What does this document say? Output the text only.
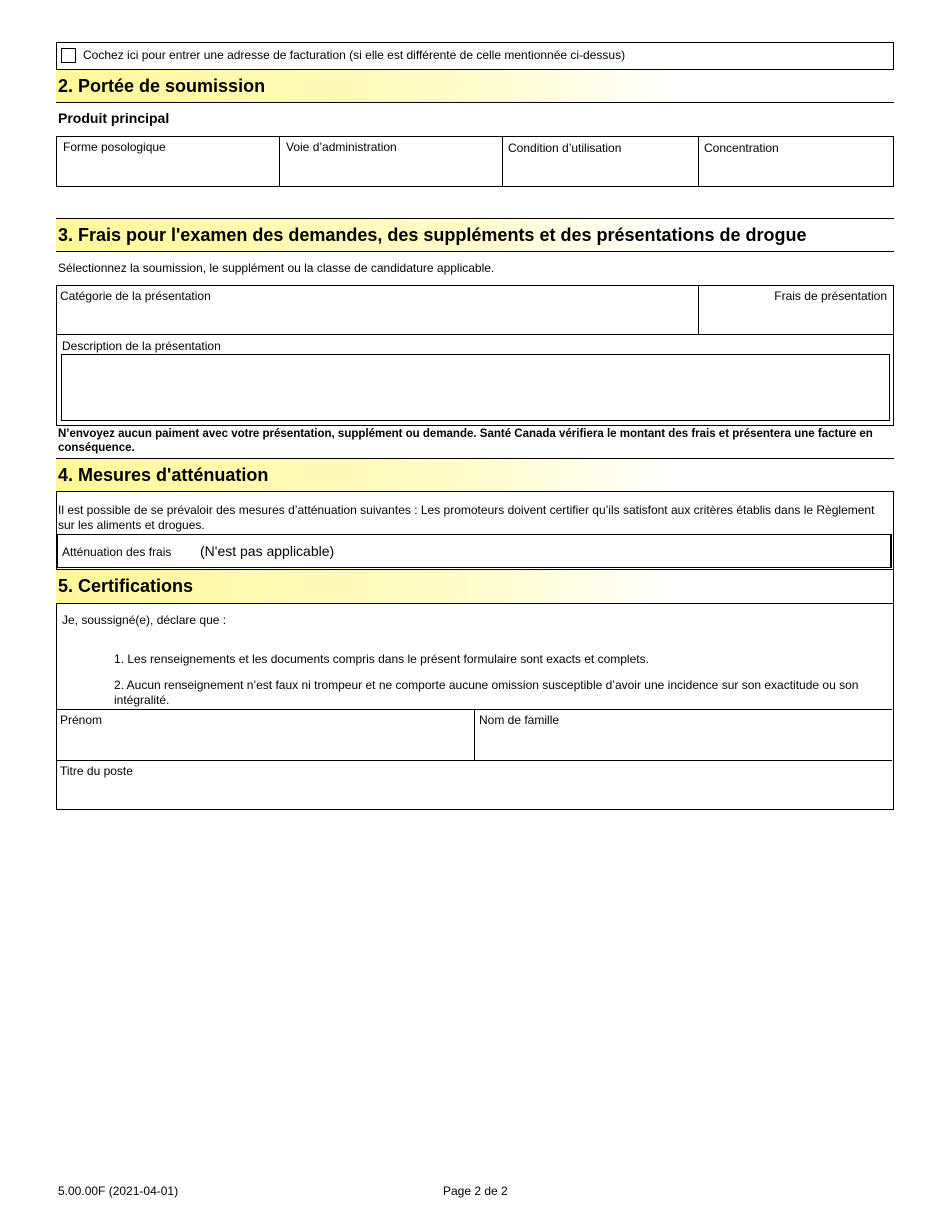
Cochez ici pour entrer une adresse de facturation (si elle est différente de celle mentionnée ci-dessus)
2. Portée de soumission
Produit principal
Forme posologique	Voie d’administration	Condition d’utilisation	Concentration
3. Frais pour l'examen des demandes, des suppléments et des présentations de drogue
Sélectionnez la soumission, le supplément ou la classe de candidature applicable.
Catégorie de la présentation	Frais de présentation
Description de la présentation
N’envoyez aucun paiment avec votre présentation, supplément ou demande. Santé Canada vérifiera le montant des frais et présentera une facture en conséquence.
4. Mesures d'atténuation
Il est possible de se prévaloir des mesures d’atténuation suivantes : Les promoteurs doivent certifier qu’ils satisfont aux critères établis dans le Règlement sur les aliments et drogues.
Atténuation des frais (N'est pas applicable)
5. Certifications
Je, soussigné(e), déclare que :
1. Les renseignements et les documents compris dans le présent formulaire sont exacts et complets.
2. Aucun renseignement n’est faux ni trompeur et ne comporte aucune omission susceptible d’avoir une incidence sur son exactitude ou son intégralité.
Prénom	Nom de famille
Titre du poste
5.00.00F (2021-04-01)	Page 2 de 2
